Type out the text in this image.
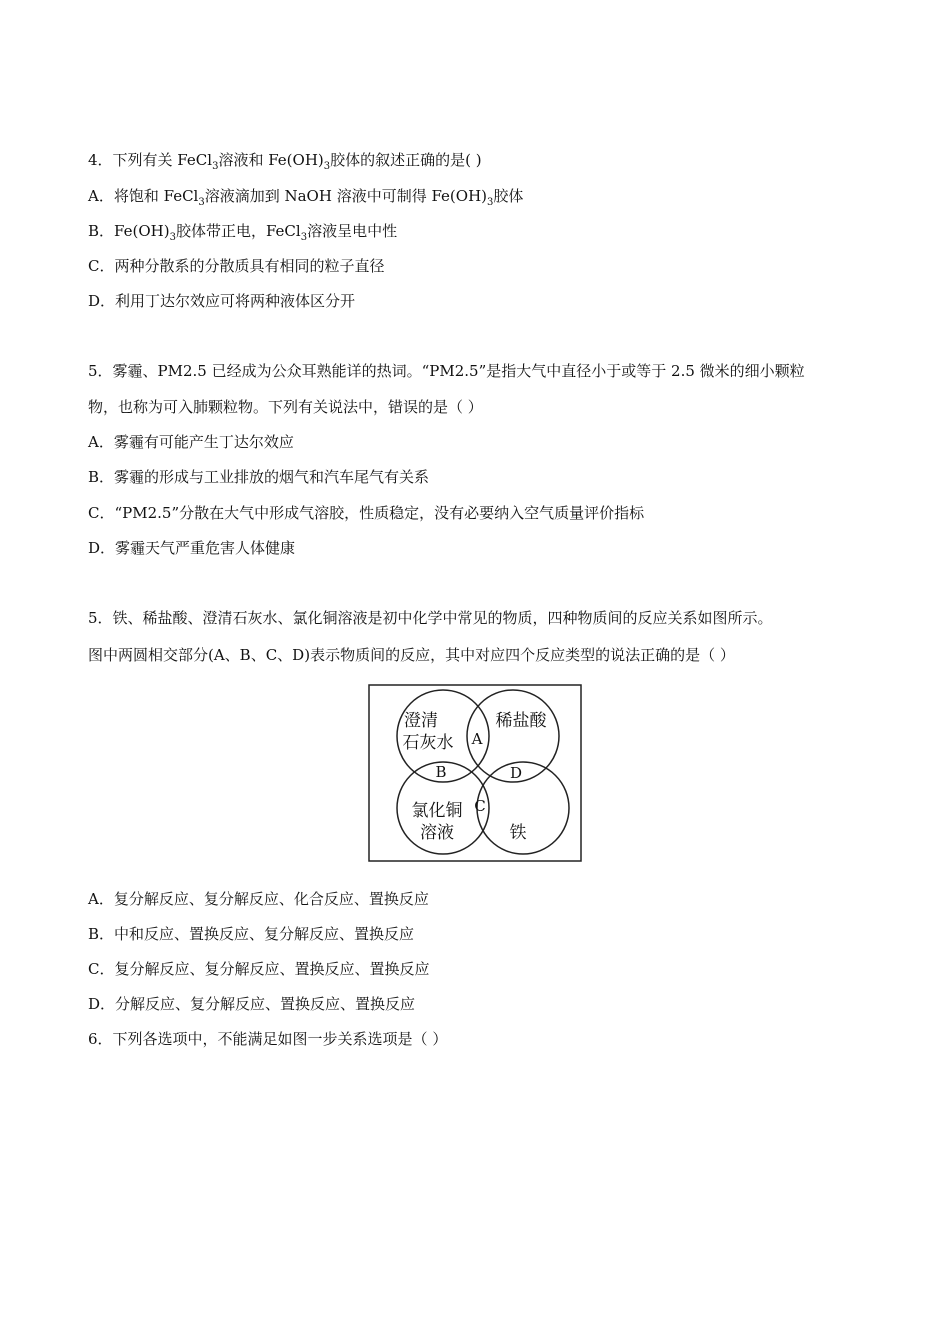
4．下列有关 FeCl$_3$溶液和 $Fe(OH)_3$胶体的叙述正确的是( )
A．将饱和 FeCl$_3$溶液滴加到 NaOH 溶液中可制得 $Fe(OH)_3$胶体
B．$Fe(OH)_3$胶体带正电，FeCl$_3$溶液呈电中性
C．两种分散系的分散质具有相同的粒子直径
D．利用丁达尔效应可将两种液体区分开
5．雾霾、PM2.5 已经成为公众耳熟能详的热词。“PM2.5”是指大气中直径小于或等于 2.5 微米的细小颗粒
物，也称为可入肺颗粒物。下列有关说法中，错误的是（ ）
A．雾霾有可能产生丁达尔效应
B．雾霾的形成与工业排放的烟气和汽车尾气有关系
C．“PM2.5”分散在大气中形成气溶胶，性质稳定，没有必要纳入空气质量评价指标
D．雾霾天气严重危害人体健康
5．铁、稀盐酸、澄清石灰水、氯化铜溶液是初中化学中常见的物质，四种物质间的反应关系如图所示。
图中两圆相交部分(A、B、C、D)表示物质间的反应，其中对应四个反应类型的说法正确的是（ ）
澄清
石灰水
稀盐酸
氯化铜
溶液	铁
A
B
C
D
A．复分解反应、复分解反应、化合反应、置换反应
B．中和反应、置换反应、复分解反应、置换反应
C．复分解反应、复分解反应、置换反应、置换反应
D．分解反应、复分解反应、置换反应、置换反应
6．下列各选项中，不能满足如图一步关系选项是（ ）
